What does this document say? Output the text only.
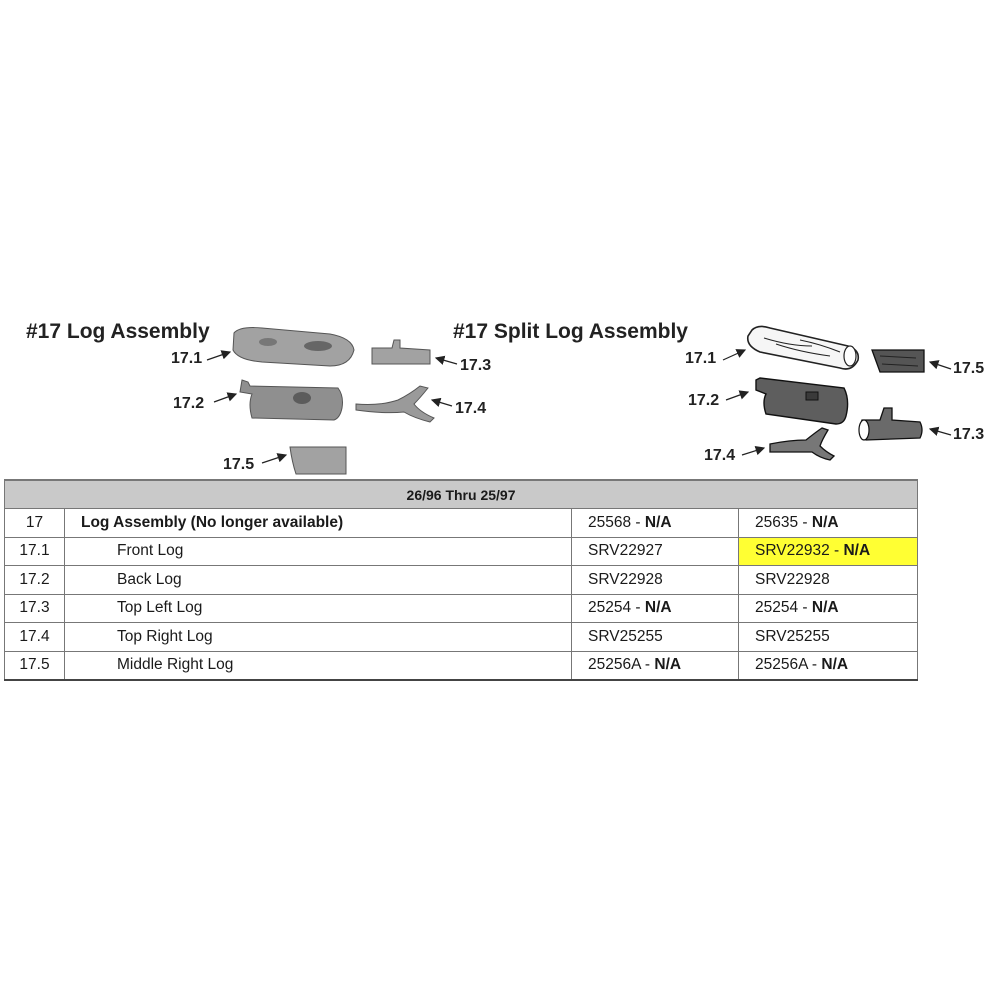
#17 Log Assembly	#17 Split Log Assembly
17.1
17.2
17.3
17.4
17.5
17.1
17.2
17.3
17.4
17.5
26/96 Thru 25/97			
17	Log Assembly (No longer available)	25568 - N/A	25635 - N/A
17.1	Front Log	SRV22927	SRV22932 - N/A
17.2	Back Log	SRV22928	SRV22928
17.3	Top Left Log	25254 - N/A	25254 - N/A
17.4	Top Right Log	SRV25255	SRV25255
17.5	Middle Right Log	25256A - N/A	25256A - N/A
